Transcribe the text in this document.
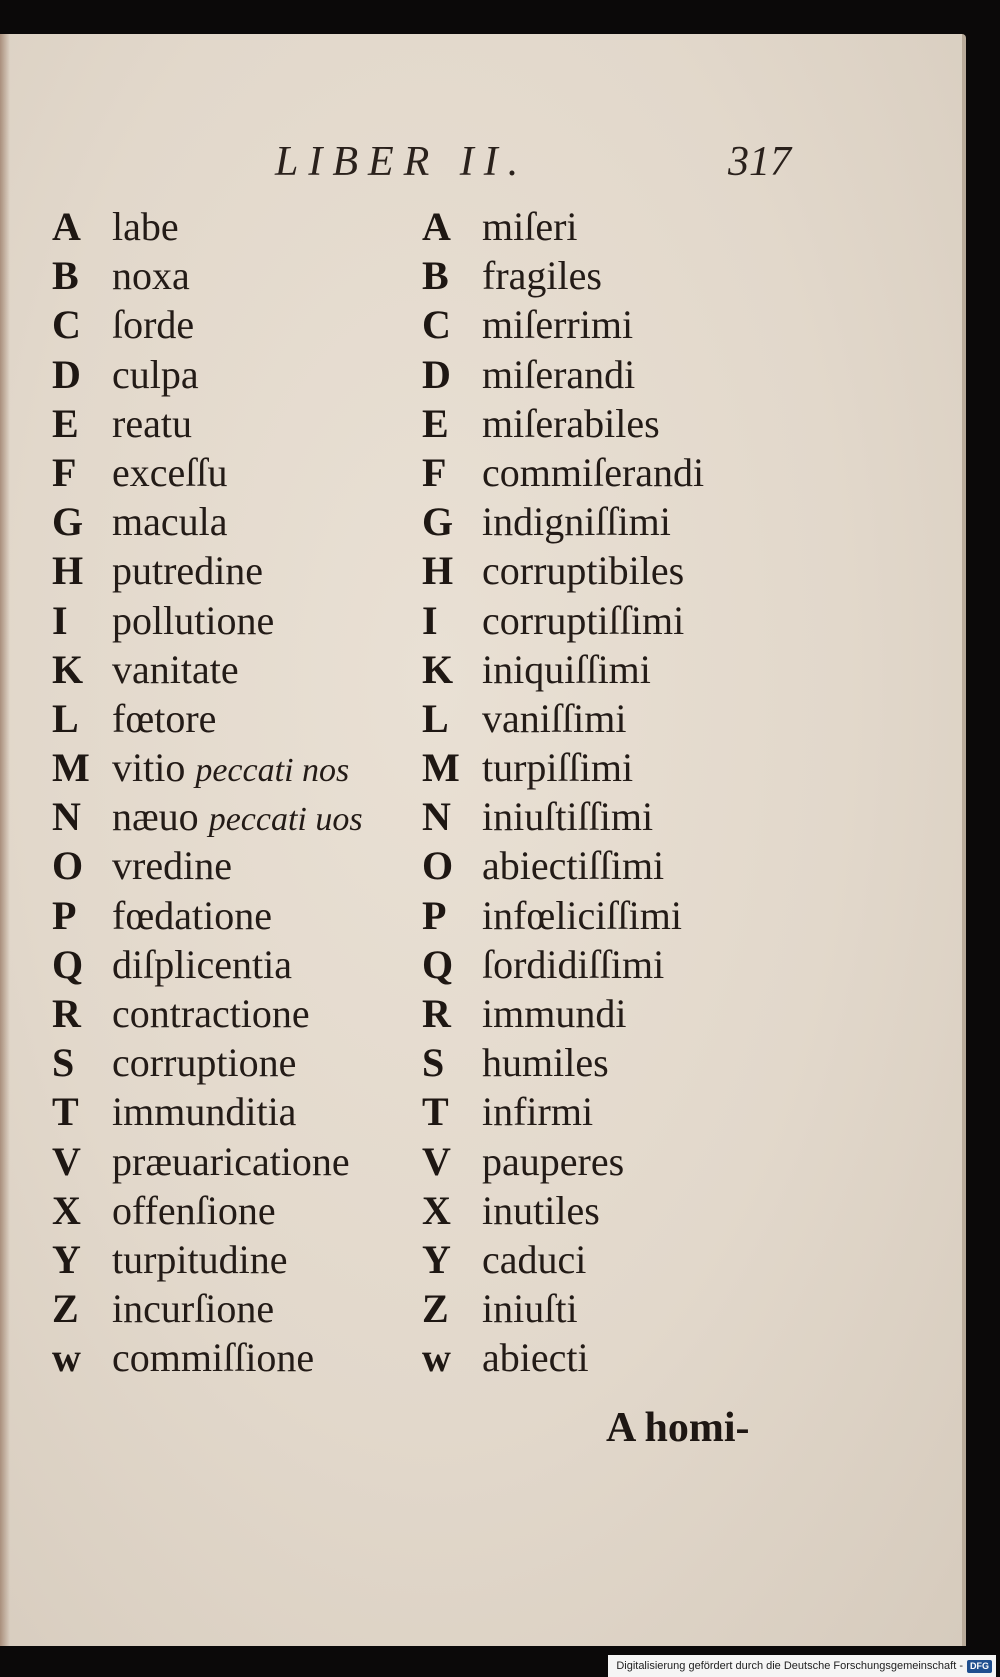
LIBER II.	317
A labe
B noxa
C ſorde
D culpa
E reatu
F exceſſu
G macula
H putredine
I pollutione
K vanitate
L fœtore
M vitio peccati nos
N næuo peccati uos
O vredine
P fœdatione
Q diſplicentia
R contractione
S corruptione
T immunditia
V præuaricatione
X offenſione
Y turpitudine
Z incurſione
w commiſſione
A miſeri
B fragiles
C miſerrimi
D miſerandi
E miſerabiles
F commiſerandi
G indigniſſimi
H corruptibiles
I corruptiſſimi
K iniquiſſimi
L vaniſſimi
M turpiſſimi
N iniuſtiſſimi
O abiectiſſimi
P infœliciſſimi
Q ſordidiſſimi
R immundi
S humiles
T infirmi
V pauperes
X inutiles
Y caduci
Z iniuſti
w abiecti
A homi-
Digitalisierung gefördert durch die Deutsche Forschungsgemeinschaft - DFG
